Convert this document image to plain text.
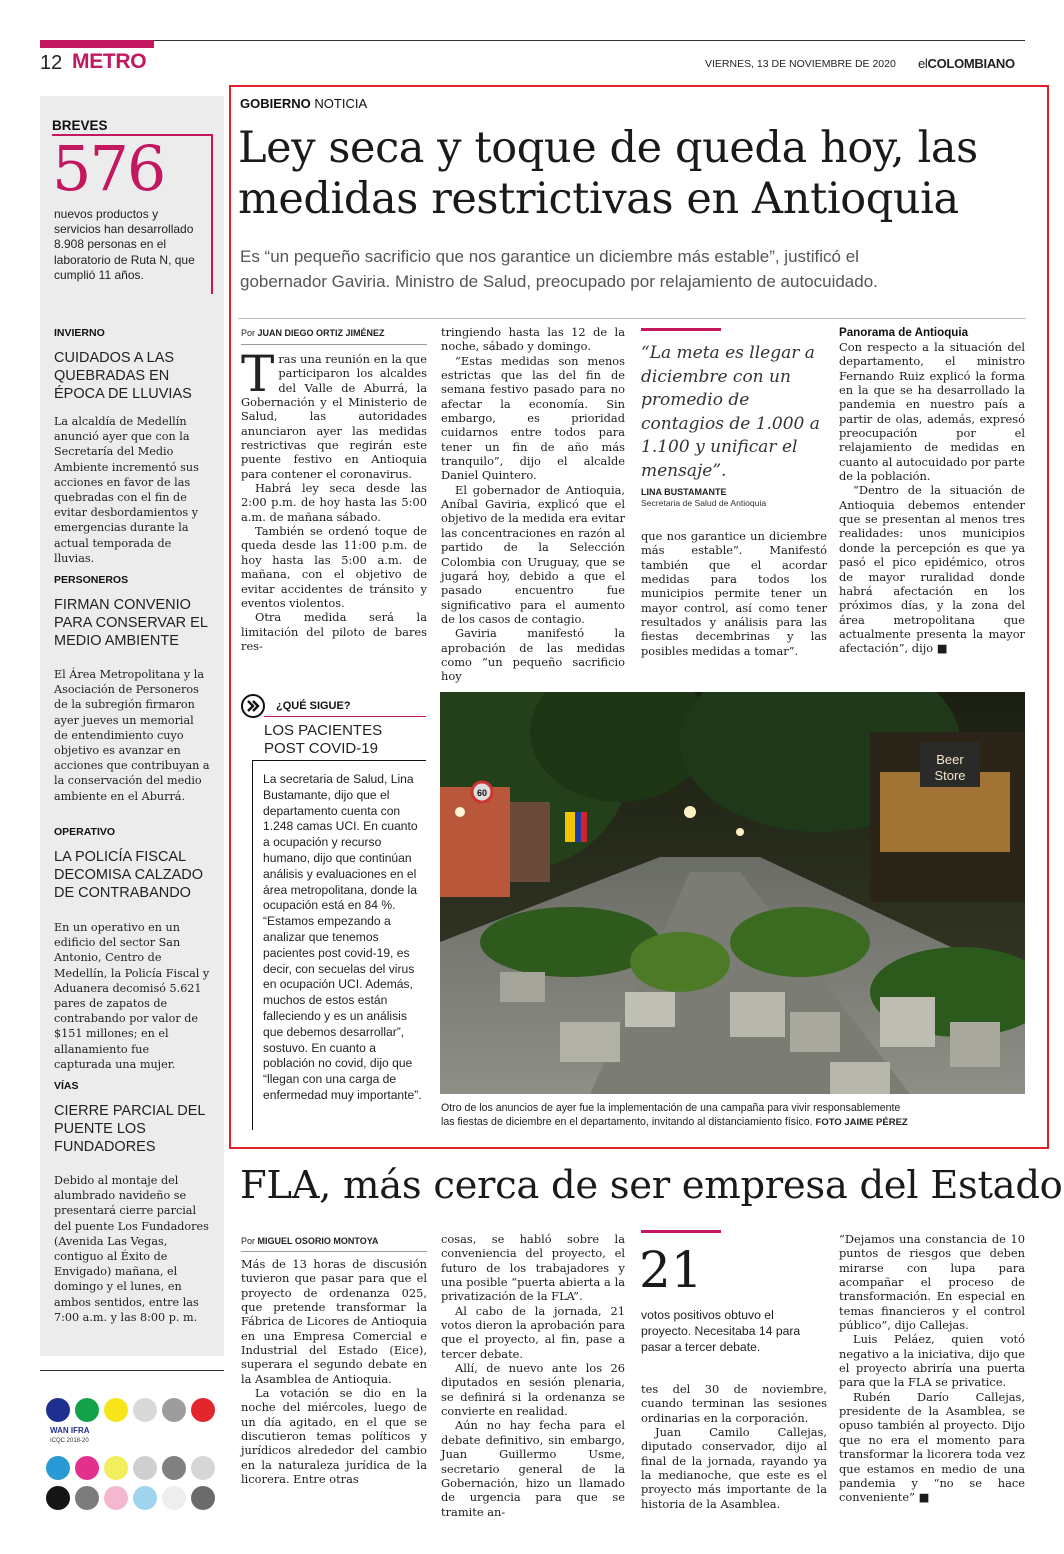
12 METRO	VIERNES, 13 DE NOVIEMBRE DE 2020 elCOLOMBIANO
BREVES
576
nuevos productos y servicios han desarrollado 8.908 personas en el laboratorio de Ruta N, que cumplió 11 años.
INVIERNO
CUIDADOS A LAS QUEBRADAS EN ÉPOCA DE LLUVIAS
La alcaldía de Medellín anunció ayer que con la Secretaría del Medio Ambiente incrementó sus acciones en favor de las quebradas con el fin de evitar desbordamientos y emergencias durante la actual temporada de lluvias.
PERSONEROS
FIRMAN CONVENIO PARA CONSERVAR EL MEDIO AMBIENTE
El Área Metropolitana y la Asociación de Personeros de la subregión firmaron ayer jueves un memorial de entendimiento cuyo objetivo es avanzar en acciones que contribuyan a la conservación del medio ambiente en el Aburrá.
OPERATIVO
LA POLICÍA FISCAL DECOMISA CALZADO DE CONTRABANDO
En un operativo en un edificio del sector San Antonio, Centro de Medellín, la Policía Fiscal y Aduanera decomisó 5.621 pares de zapatos de contrabando por valor de $151 millones; en el allanamiento fue capturada una mujer.
VÍAS
CIERRE PARCIAL DEL PUENTE LOS FUNDADORES
Debido al montaje del alumbrado navideño se presentará cierre parcial del puente Los Fundadores (Avenida Las Vegas, contiguo al Éxito de Envigado) mañana, el domingo y el lunes, en ambos sentidos, entre las 7:00 a.m. y las 8:00 p. m.
WAN IFRA
ICQC 2018-20
GOBIERNO NOTICIA
Ley seca y toque de queda hoy, las
medidas restrictivas en Antioquia
Es “un pequeño sacrificio que nos garantice un diciembre más estable”, justificó el
gobernador Gaviria. Ministro de Salud, preocupado por relajamiento de autocuidado.
Por JUAN DIEGO ORTIZ JIMÉNEZ
T ras una reunión en la que participaron los alcaldes del Valle de Aburrá, la Gobernación y el Ministerio de Salud, las autoridades anunciaron ayer las medidas restrictivas que regirán este puente festivo en Antioquia para contener el coronavirus.

Habrá ley seca desde las 2:00 p.m. de hoy hasta las 5:00 a.m. de mañana sábado.

También se ordenó toque de queda desde las 11:00 p.m. de hoy hasta las 5:00 a.m. de mañana, con el objetivo de evitar accidentes de tránsito y eventos violentos.

Otra medida será la limitación del piloto de bares res-

tringiendo hasta las 12 de la noche, sábado y domingo.

“Estas medidas son menos estrictas que las del fin de semana festivo pasado para no afectar la economía. Sin embargo, es prioridad cuidarnos entre todos para tener un fin de año más tranquilo”, dijo el alcalde Daniel Quintero.

El gobernador de Antioquia, Aníbal Gaviria, explicó que el objetivo de la medida era evitar las concentraciones en razón al partido de la Selección Colombia con Uruguay, que se jugará hoy, debido a que el pasado encuentro fue significativo para el aumento de los casos de contagio.

Gaviria manifestó la aprobación de las medidas como “un pequeño sacrificio hoy

“La meta es llegar a diciembre con un promedio de contagios de 1.000 a 1.100 y unificar el mensaje”.
LINA BUSTAMANTE
Secretaria de Salud de Antioquia

que nos garantice un diciembre más estable”. Manifestó también que el acordar medidas para todos los municipios permite tener un mayor control, así como tener resultados y análisis para las fiestas decembrinas y las posibles medidas a tomar”.

Panorama de Antioquia

Con respecto a la situación del departamento, el ministro Fernando Ruiz explicó la forma en la que se ha desarrollado la pandemia en nuestro país a partir de olas, además, expresó preocupación por el relajamiento de medidas en cuanto al autocuidado por parte de la población.

“Dentro de la situación de Antioquia debemos entender que se presentan al menos tres realidades: unos municipios donde la percepción es que ya pasó el pico epidémico, otros de mayor ruralidad donde habrá afectación en los próximos días, y la zona del área metropolitana que actualmente presenta la mayor afectación”, dijo ■

¿QUÉ SIGUE?
LOS PACIENTES
POST COVID-19
La secretaria de Salud, Lina Bustamante, dijo que el departamento cuenta con 1.248 camas UCI. En cuanto a ocupación y recurso humano, dijo que continúan análisis y evaluaciones en el área metropolitana, donde la ocupación está en 84 %. “Estamos empezando a analizar que tenemos pacientes post covid-19, es decir, con secuelas del virus en ocupación UCI. Además, muchos de estos están falleciendo y es un análisis que debemos desarrollar”, sostuvo. En cuanto a población no covid, dijo que “llegan con una carga de enfermedad muy importante”.
Beer
Store
60
Otro de los anuncios de ayer fue la implementación de una campaña para vivir responsablemente
las fiestas de diciembre en el departamento, invitando al distanciamiento físico. FOTO JAIME PÉREZ
FLA, más cerca de ser empresa del Estado
Por MIGUEL OSORIO MONTOYA

Más de 13 horas de discusión tuvieron que pasar para que el proyecto de ordenanza 025, que pretende transformar la Fábrica de Licores de Antioquia en una Empresa Comercial e Industrial del Estado (Eice), superara el segundo debate en la Asamblea de Antioquia.

La votación se dio en la noche del miércoles, luego de un día agitado, en el que se discutieron temas políticos y jurídicos alrededor del cambio en la naturaleza jurídica de la licorera. Entre otras

cosas, se habló sobre la conveniencia del proyecto, el futuro de los trabajadores y una posible “puerta abierta a la privatización de la FLA”.

Al cabo de la jornada, 21 votos dieron la aprobación para que el proyecto, al fin, pase a tercer debate.

Allí, de nuevo ante los 26 diputados en sesión plenaria, se definirá si la ordenanza se convierte en realidad.

Aún no hay fecha para el debate definitivo, sin embargo, Juan Guillermo Usme, secretario general de la Gobernación, hizo un llamado de urgencia para que se tramite an-

21
votos positivos obtuvo el proyecto. Necesitaba 14 para pasar a tercer debate.

tes del 30 de noviembre, cuando terminan las sesiones ordinarias en la corporación.

Juan Camilo Callejas, diputado conservador, dijo al final de la jornada, rayando ya la medianoche, que este es el proyecto más importante de la historia de la Asamblea.

“Dejamos una constancia de 10 puntos de riesgos que deben mirarse con lupa para acompañar el proceso de transformación. En especial en temas financieros y el control público”, dijo Callejas.

Luis Peláez, quien votó negativo a la iniciativa, dijo que el proyecto abriría una puerta para que la FLA se privatice.

Rubén Darío Callejas, presidente de la Asamblea, se opuso también al proyecto. Dijo que no era el momento para transformar la licorera toda vez que estamos en medio de una pandemia y “no se hace conveniente” ■
